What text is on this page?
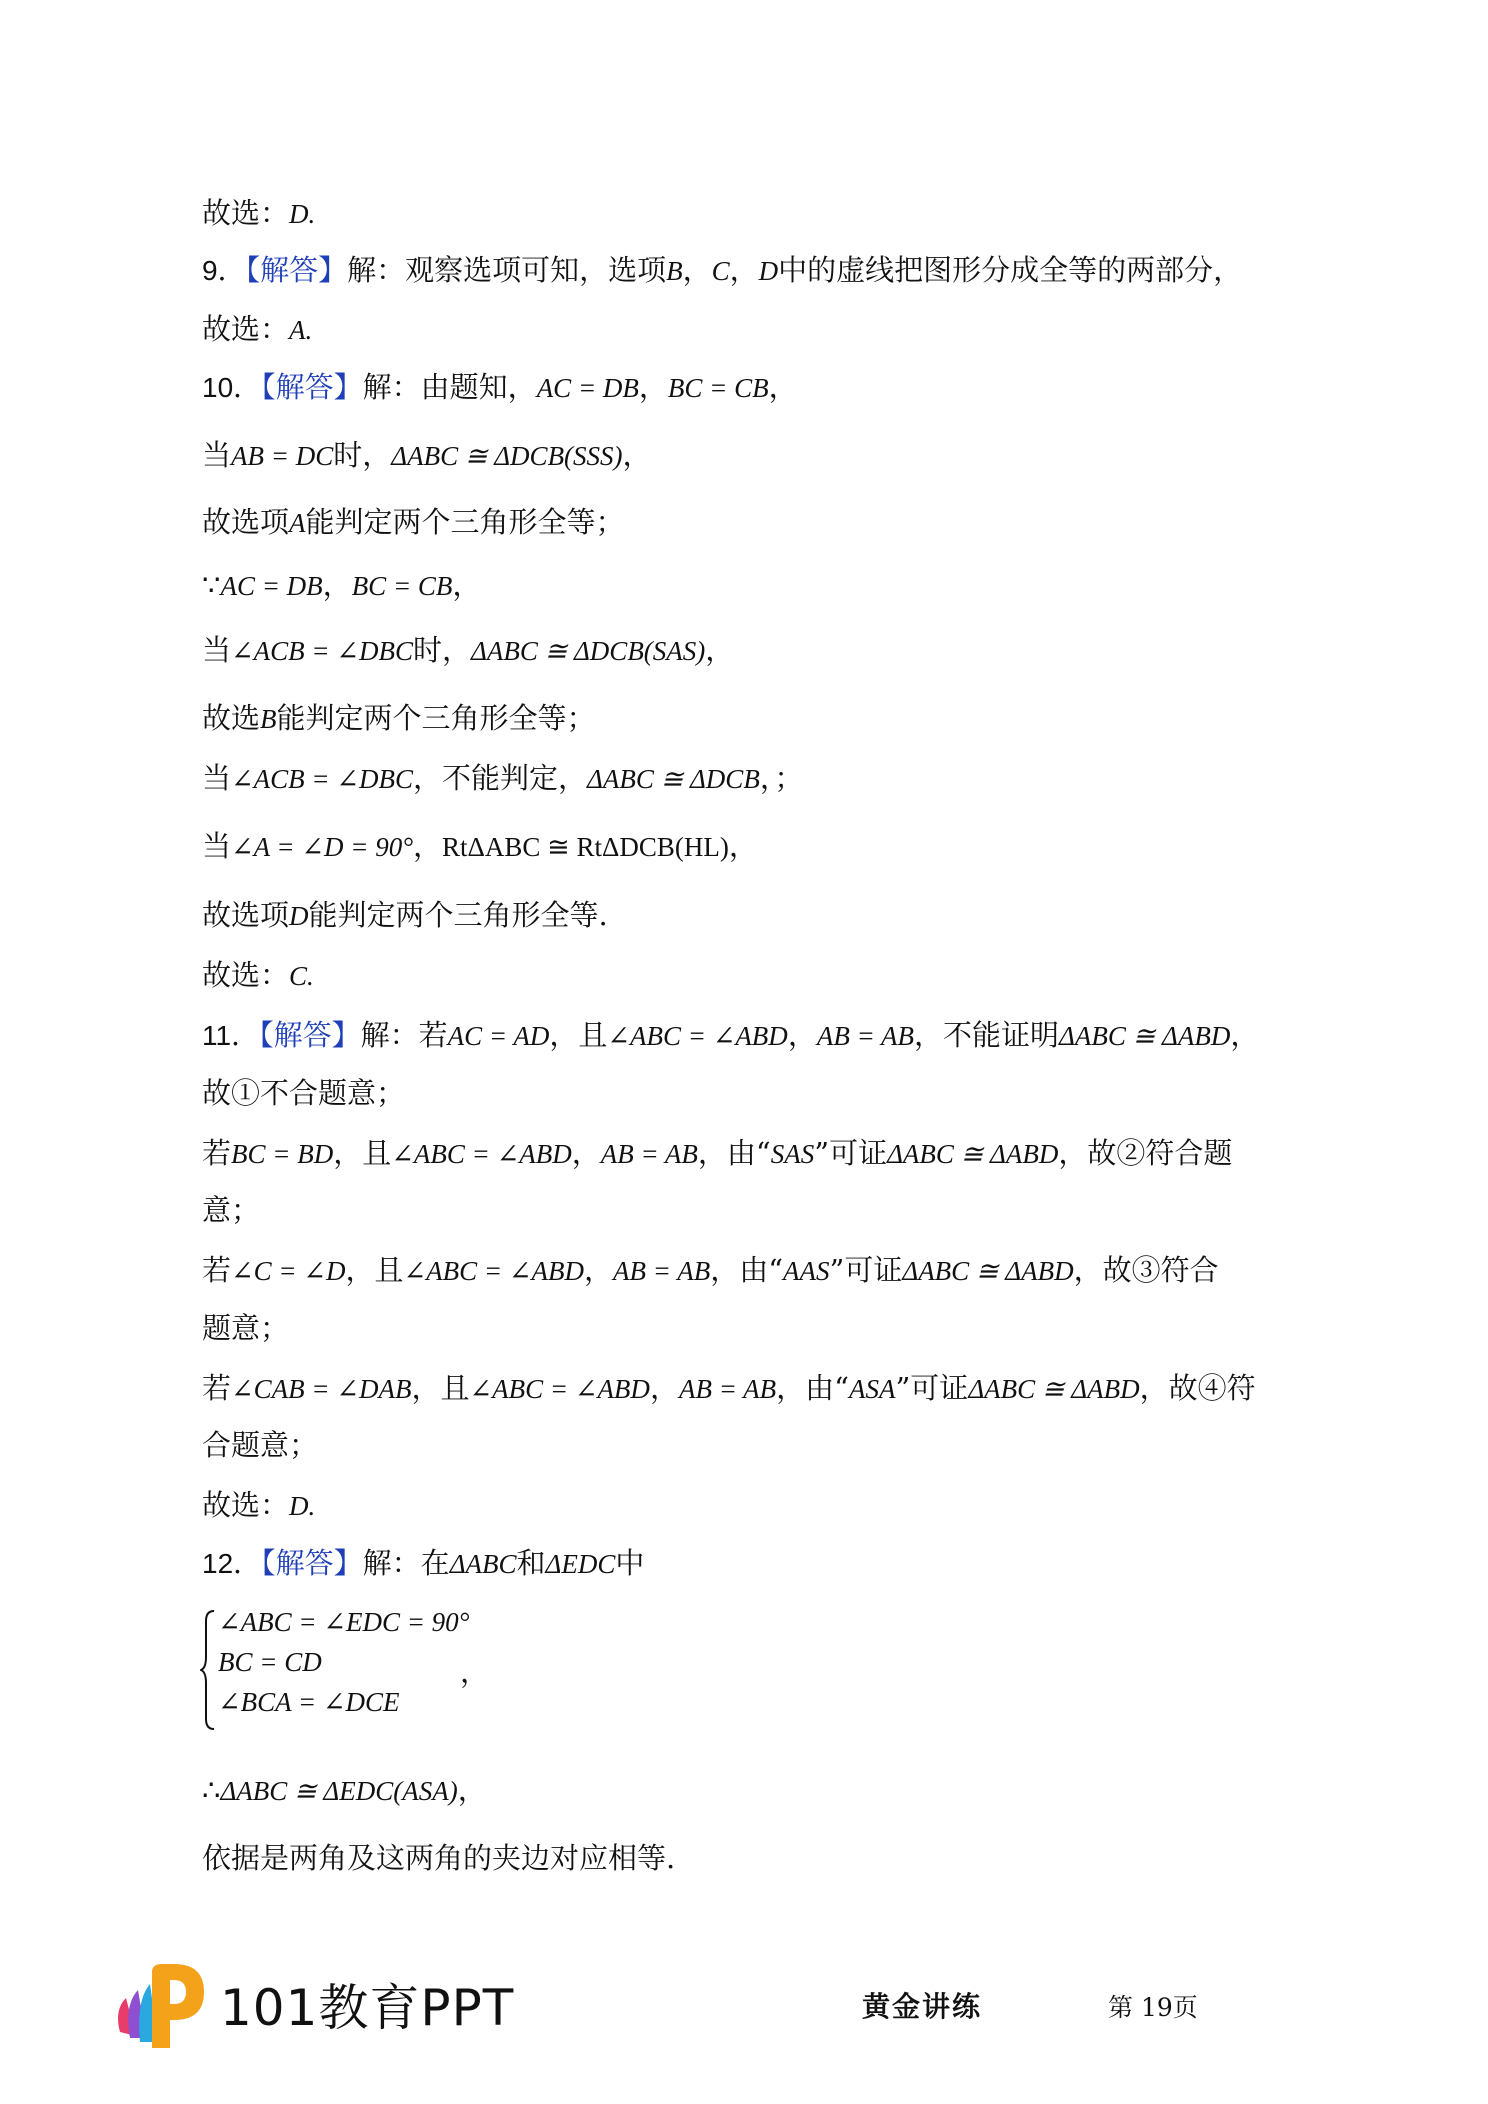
故选：D.
9．【解答】解：观察选项可知，选项B，C，D中的虚线把图形分成全等的两部分，
故选：A.
10．【解答】解：由题知，AC = DB，BC = CB，
当AB = DC时，ΔABC ≅ ΔDCB(SSS)，
故选项A能判定两个三角形全等；
∵AC = DB，BC = CB，
当∠ACB = ∠DBC时，ΔABC ≅ ΔDCB(SAS)，
故选B能判定两个三角形全等；
当∠ACB = ∠DBC，不能判定，ΔABC ≅ ΔDCB，；
当∠A = ∠D = 90°，RtΔABC ≅ RtΔDCB(HL)，
故选项D能判定两个三角形全等.
故选：C.
11．【解答】解：若AC = AD，且∠ABC = ∠ABD，AB = AB，不能证明ΔABC ≅ ΔABD，
故①不合题意；
若BC = BD，且∠ABC = ∠ABD，AB = AB，由“SAS”可证ΔABC ≅ ΔABD，故②符合题
意；
若∠C = ∠D，且∠ABC = ∠ABD，AB = AB，由“AAS”可证ΔABC ≅ ΔABD，故③符合
题意；
若∠CAB = ∠DAB，且∠ABC = ∠ABD，AB = AB，由“ASA”可证ΔABC ≅ ΔABD，故④符
合题意；
故选：D.
12．【解答】解：在ΔABC和ΔEDC中
∠ABC = ∠EDC = 90°
BC = CD
∠BCA = ∠DCE
，
∴ΔABC ≅ ΔEDC(ASA)，
依据是两角及这两角的夹边对应相等.
101教育PPT	黄金讲练	第 19页
